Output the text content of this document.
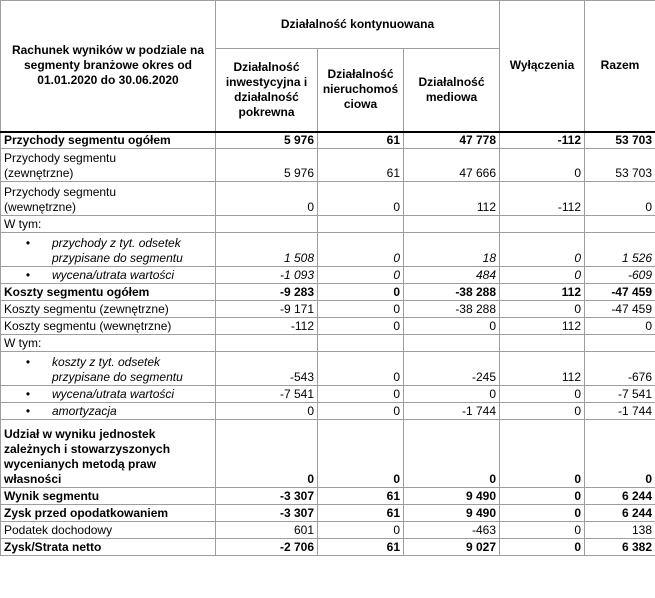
Rachunek wyników w podziale na segmenty branżowe okres od 01.01.2020 do 30.06.2020	Działalność kontynuowana			Wyłączenia	Razem
	Działalność inwestycyjna i działalność pokrewna	Działalność nieruchomoś ciowa	Działalność mediowa		
Przychody segmentu ogółem	5 976	61	47 778	-112	53 703
Przychody segmentu (zewnętrzne)	5 976	61	47 666	0	53 703
Przychody segmentu (wewnętrzne)	0	0	112	-112	0
W tym:					
• przychody z tyt. odsetek przypisane do segmentu	1 508	0	18	0	1 526
• wycena/utrata wartości	-1 093	0	484	0	-609
Koszty segmentu ogółem	-9 283	0	-38 288	112	-47 459
Koszty segmentu (zewnętrzne)	-9 171	0	-38 288	0	-47 459
Koszty segmentu (wewnętrzne)	-112	0	0	112	0
W tym:					
• koszty z tyt. odsetek przypisane do segmentu	-543	0	-245	112	-676
• wycena/utrata wartości	-7 541	0	0	0	-7 541
• amortyzacja	0	0	-1 744	0	-1 744
Udział w wyniku jednostek zależnych i stowarzyszonych wycenianych metodą praw własności	0	0	0	0	0
Wynik segmentu	-3 307	61	9 490	0	6 244
Zysk przed opodatkowaniem	-3 307	61	9 490	0	6 244
Podatek dochodowy	601	0	-463	0	138
Zysk/Strata netto	-2 706	61	9 027	0	6 382
